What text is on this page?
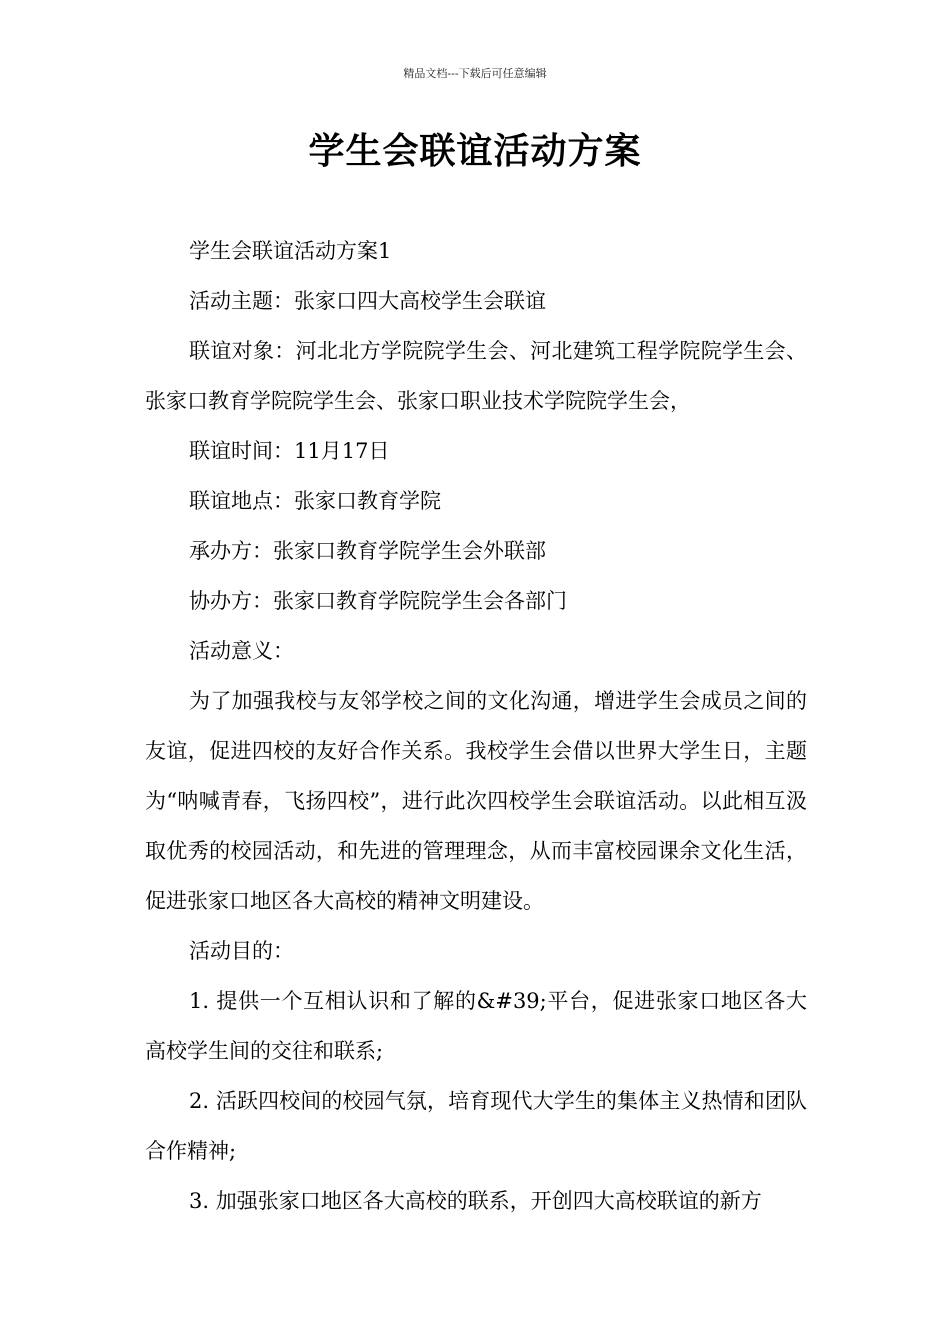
精品文档---下载后可任意编辑
学生会联谊活动方案

学生会联谊活动方案1

活动主题：张家口四大高校学生会联谊

联谊对象：河北北方学院院学生会、河北建筑工程学院院学生会、张家口教育学院院学生会、张家口职业技术学院院学生会，

联谊时间：11月17日

联谊地点：张家口教育学院

承办方：张家口教育学院学生会外联部

协办方：张家口教育学院院学生会各部门

活动意义：

为了加强我校与友邻学校之间的文化沟通，增进学生会成员之间的友谊，促进四校的友好合作关系。我校学生会借以世界大学生日，主题为“呐喊青春，飞扬四校”，进行此次四校学生会联谊活动。以此相互汲取优秀的校园活动，和先进的管理理念，从而丰富校园课余文化生活，促进张家口地区各大高校的精神文明建设。

活动目的：

1. 提供一个互相认识和了解的&#39;平台，促进张家口地区各大高校学生间的交往和联系;

2. 活跃四校间的校园气氛，培育现代大学生的集体主义热情和团队合作精神;

3. 加强张家口地区各大高校的联系，开创四大高校联谊的新方
